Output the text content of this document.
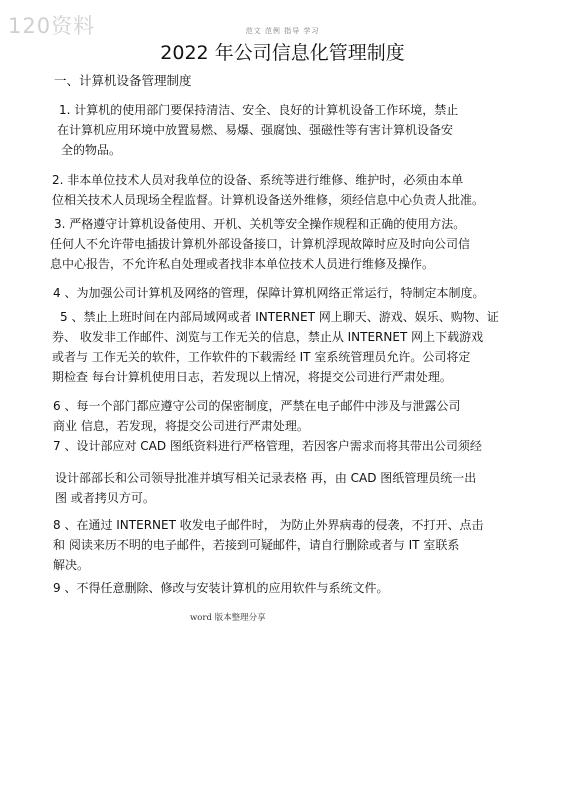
120资料	范文 范例 指导 学习
2022 年公司信息化管理制度
一、计算机设备管理制度
1. 计算机的使用部门要保持清洁、安全、良好的计算机设备工作环境，禁止
在计算机应用环境中放置易燃、易爆、强腐蚀、强磁性等有害计算机设备安
全的物品。
2. 非本单位技术人员对我单位的设备、系统等进行维修、维护时，必须由本单
位相关技术人员现场全程监督。计算机设备送外维修，须经信息中心负责人批准。
3. 严格遵守计算机设备使用、开机、关机等安全操作规程和正确的使用方法。
任何人不允许带电插拔计算机外部设备接口，计算机浮现故障时应及时向公司信
息中心报告，不允许私自处理或者找非本单位技术人员进行维修及操作。
4 、为加强公司计算机及网络的管理，保障计算机网络正常运行，特制定本制度。
5 、禁止上班时间在内部局域网或者 INTERNET 网上聊天、游戏、娱乐、购物、证
券、 收发非工作邮件、浏览与工作无关的信息，禁止从 INTERNET 网上下载游戏
或者与 工作无关的软件，工作软件的下载需经 IT 室系统管理员允许。公司将定
期检查 每台计算机使用日志，若发现以上情况，将提交公司进行严肃处理。
6 、每一个部门都应遵守公司的保密制度，严禁在电子邮件中涉及与泄露公司
商业 信息，若发现，将提交公司进行严肃处理。
7 、设计部应对 CAD 图纸资料进行严格管理，若因客户需求而将其带出公司须经
设计部部长和公司领导批准并填写相关记录表格 再，由 CAD 图纸管理员统一出
图 或者拷贝方可。
8 、在通过 INTERNET 收发电子邮件时， 为防止外界病毒的侵袭，不打开、点击
和 阅读来历不明的电子邮件，若接到可疑邮件，请自行删除或者与 IT 室联系
解决。
9 、不得任意删除、修改与安装计算机的应用软件与系统文件。
word 版本整理分享
